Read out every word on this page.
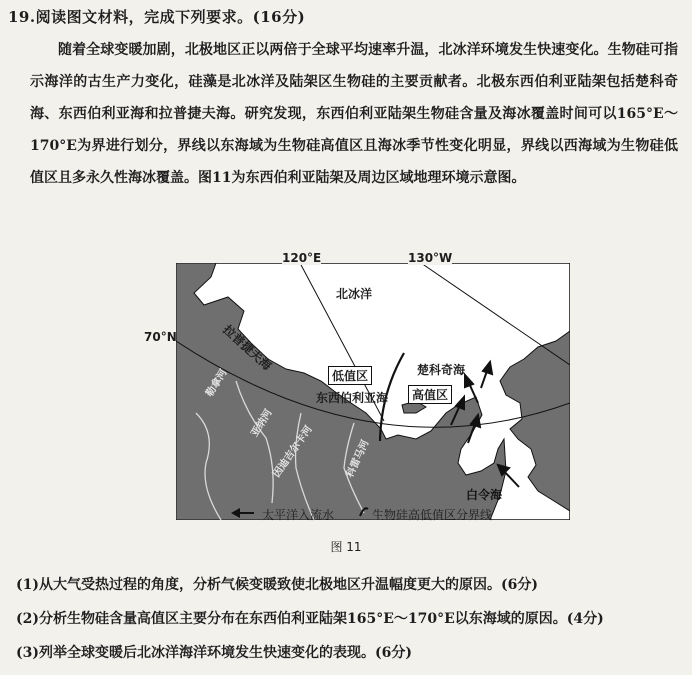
19.阅读图文材料，完成下列要求。(16分)
随着全球变暖加剧，北极地区正以两倍于全球平均速率升温，北冰洋环境发生快速变化。生物硅可指示海洋的古生产力变化，硅藻是北冰洋及陆架区生物硅的主要贡献者。北极东西伯利亚陆架包括楚科奇海、东西伯利亚海和拉普捷夫海。研究发现，东西伯利亚陆架生物硅含量及海冰覆盖时间可以165°E～170°E为界进行划分，界线以东海域为生物硅高值区且海冰季节性变化明显，界线以西海域为生物硅低值区且多永久性海冰覆盖。图11为东西伯利亚陆架及周边区域地理环境示意图。
120°E	130°W
70°N
北冰洋
拉普捷夫海
低值区
东西伯利亚海
楚科奇海
高值区
白令海
勒拿河
亚纳河
因迪吉尔卡河	科雷马河
太平洋入流水	生物硅高低值区分界线
图 11
(1)从大气受热过程的角度，分析气候变暖致使北极地区升温幅度更大的原因。(6分)
(2)分析生物硅含量高值区主要分布在东西伯利亚陆架165°E～170°E以东海域的原因。(4分)
(3)列举全球变暖后北冰洋海洋环境发生快速变化的表现。(6分)
